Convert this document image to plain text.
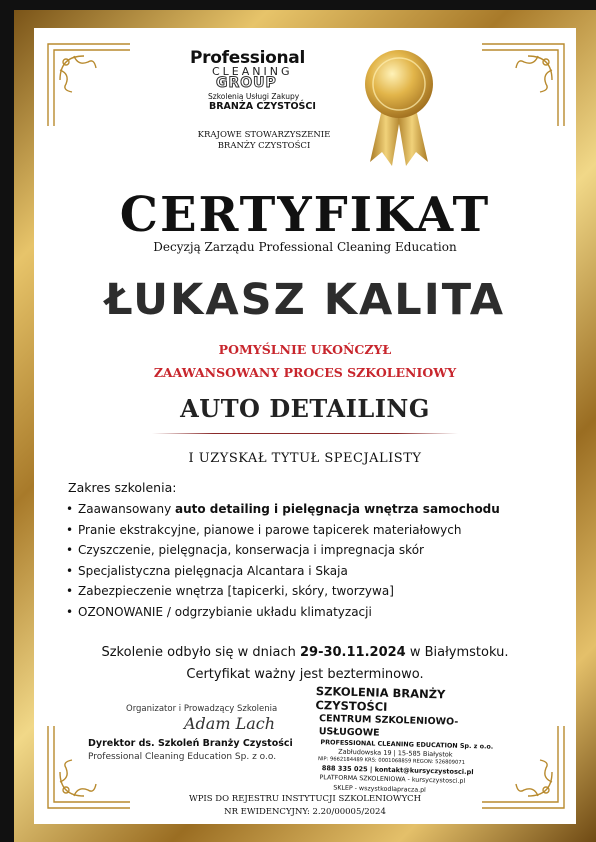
Professional
CLEANING
GROUP
Szkolenia Usługi Zakupy
BRANŻA CZYSTOŚCI
KRAJOWE STOWARZYSZENIE
BRANŻY CZYSTOŚCI
CERTYFIKAT
Decyzją Zarządu Professional Cleaning Education
ŁUKASZ KALITA
POMYŚLNIE UKOŃCZYŁ
ZAAWANSOWANY PROCES SZKOLENIOWY
AUTO DETAILING
I UZYSKAŁ TYTUŁ SPECJALISTY
Zakres szkolenia:
• Zaawansowany auto detailing i pielęgnacja wnętrza samochodu
• Pranie ekstrakcyjne, pianowe i parowe tapicerek materiałowych
• Czyszczenie, pielęgnacja, konserwacja i impregnacja skór
• Specjalistyczna pielęgnacja Alcantara i Skaja
• Zabezpieczenie wnętrza [tapicerki, skóry, tworzywa]
• OZONOWANIE / odgrzybianie układu klimatyzacji
Szkolenie odbyło się w dniach 29-30.11.2024 w Białymstoku.
Certyfikat ważny jest bezterminowo.
Organizator i Prowadzący Szkolenia
Adam Lach
Dyrektor ds. Szkoleń Branży Czystości
Professional Cleaning Education Sp. z o.o.
SZKOLENIA BRANŻY CZYSTOŚCI
CENTRUM SZKOLENIOWO-USŁUGOWE
PROFESSIONAL CLEANING EDUCATION Sp. z o.o.
Zabłudowska 19 | 15-585 Białystok
NIP: 9662184489 KRS: 0001068859 REGON: 526809071
888 335 025 | kontakt@kursyczystosci.pl
PLATFORMA SZKOLENIOWA - kursyczystosci.pl
SKLEP - wszystkodlapracza.pl
WPIS DO REJESTRU INSTYTUCJI SZKOLENIOWYCH
NR EWIDENCYJNY: 2.20/00005/2024
